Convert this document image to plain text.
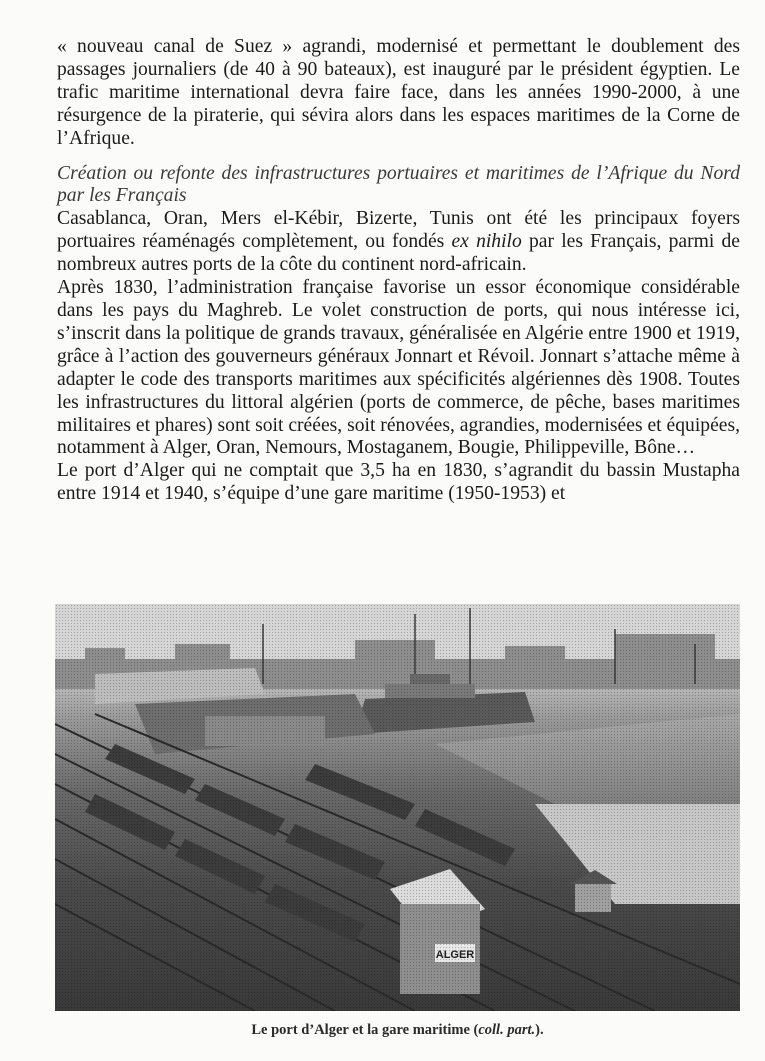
« nouveau canal de Suez » agrandi, modernisé et permettant le doublement des passages journaliers (de 40 à 90 bateaux), est inauguré par le président égyptien. Le trafic maritime international devra faire face, dans les années 1990-2000, à une résurgence de la piraterie, qui sévira alors dans les espaces maritimes de la Corne de l’Afrique.

Création ou refonte des infrastructures portuaires et maritimes de l’Afrique du Nord par les Français

Casablanca, Oran, Mers el-Kébir, Bizerte, Tunis ont été les principaux foyers portuaires réaménagés complètement, ou fondés ex nihilo par les Français, parmi de nombreux autres ports de la côte du continent nord-africain.

Après 1830, l’administration française favorise un essor économique considérable dans les pays du Maghreb. Le volet construction de ports, qui nous intéresse ici, s’inscrit dans la politique de grands travaux, généralisée en Algérie entre 1900 et 1919, grâce à l’action des gouverneurs généraux Jonnart et Révoil. Jonnart s’attache même à adapter le code des transports maritimes aux spécificités algériennes dès 1908. Toutes les infrastructures du littoral algérien (ports de commerce, de pêche, bases maritimes militaires et phares) sont soit créées, soit rénovées, agrandies, modernisées et équipées, notamment à Alger, Oran, Nemours, Mostaganem, Bougie, Philippeville, Bône…

Le port d’Alger qui ne comptait que 3,5 ha en 1830, s’agrandit du bassin Mustapha entre 1914 et 1940, s’équipe d’une gare maritime (1950-1953) et

Le port d’Alger et la gare maritime (coll. part.).
